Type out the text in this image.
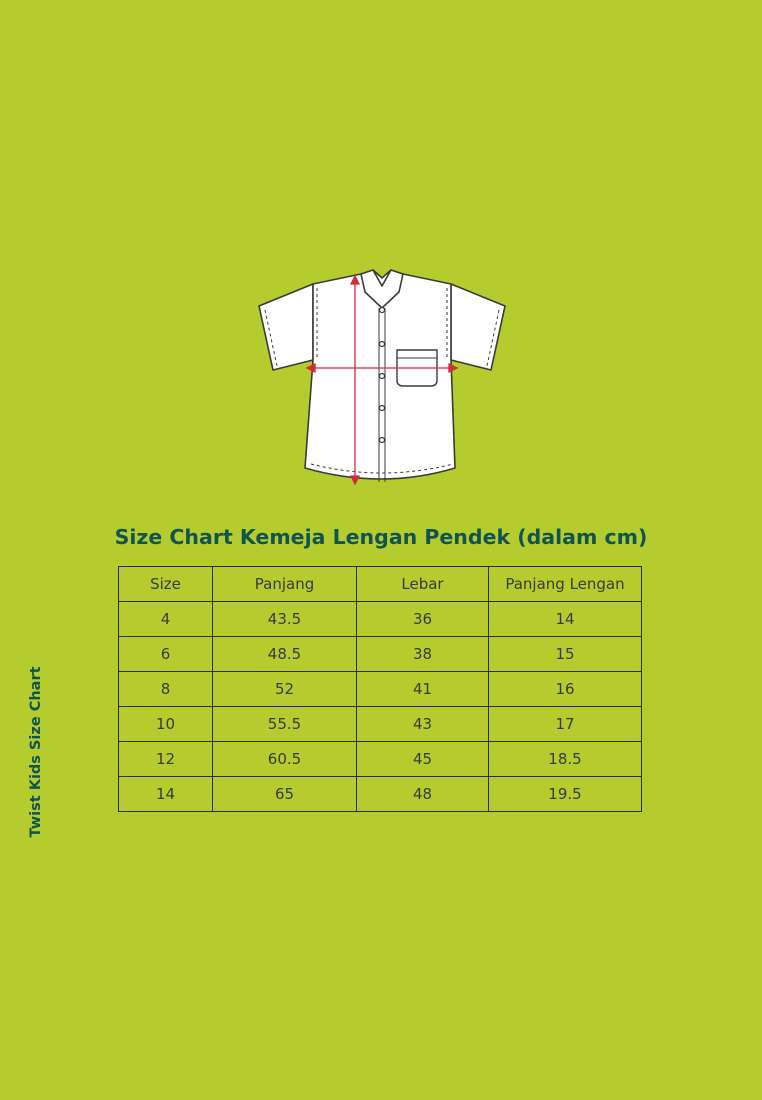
Size Chart Kemeja Lengan Pendek (dalam cm)
Size	Panjang	Lebar	Panjang Lengan
4	43.5	36	14
6	48.5	38	15
8	52	41	16
10	55.5	43	17
12	60.5	45	18.5
14	65	48	19.5
Twist Kids Size Chart
